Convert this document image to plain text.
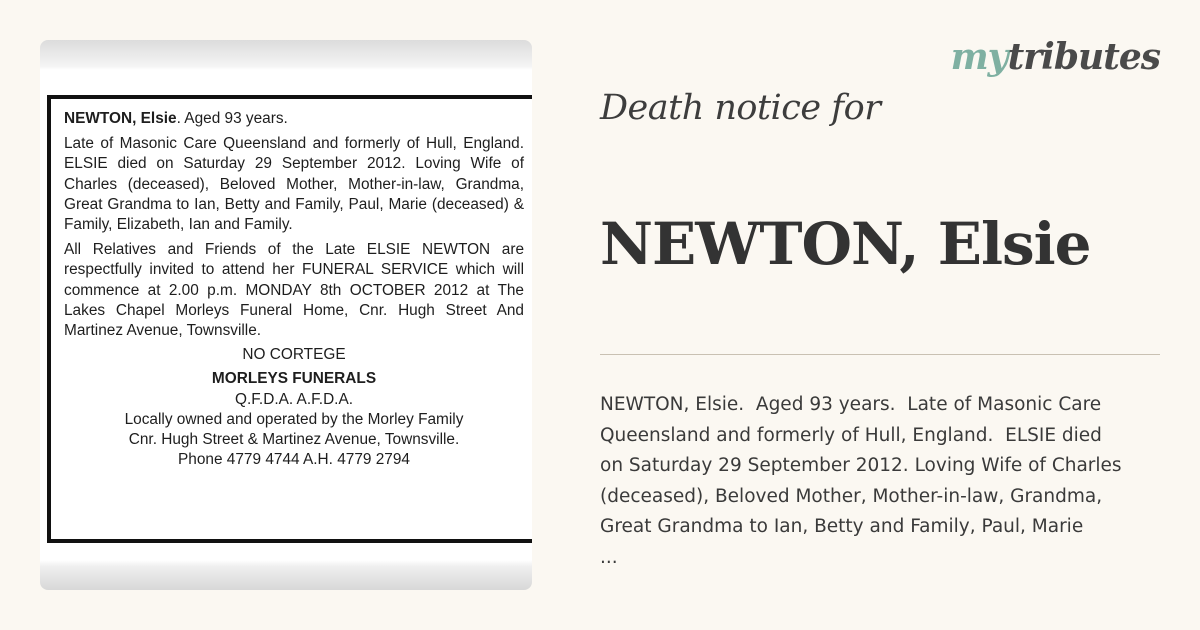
NEWTON, Elsie. Aged 93 years.

Late of Masonic Care Queensland and formerly of Hull, England. ELSIE died on Saturday 29 September 2012. Loving Wife of Charles (deceased), Beloved Mother, Mother-in-law, Grandma, Great Grandma to Ian, Betty and Family, Paul, Marie (deceased) & Family, Elizabeth, Ian and Family.

All Relatives and Friends of the Late ELSIE NEWTON are respectfully invited to attend her FUNERAL SERVICE which will commence at 2.00 p.m. MONDAY 8th OCTOBER 2012 at The Lakes Chapel Morleys Funeral Home, Cnr. Hugh Street And Martinez Avenue, Townsville.

NO CORTEGE

MORLEYS FUNERALS

Q.F.D.A. A.F.D.A.

Locally owned and operated by the Morley Family

Cnr. Hugh Street & Martinez Avenue, Townsville.

Phone 4779 4744 A.H. 4779 2794

mytributes
Death notice for
NEWTON, Elsie
NEWTON, Elsie.  Aged 93 years.  Late of Masonic Care
Queensland and formerly of Hull, England.  ELSIE died
on Saturday 29 September 2012. Loving Wife of Charles
(deceased), Beloved Mother, Mother-in-law, Grandma,
Great Grandma to Ian, Betty and Family, Paul, Marie
...
